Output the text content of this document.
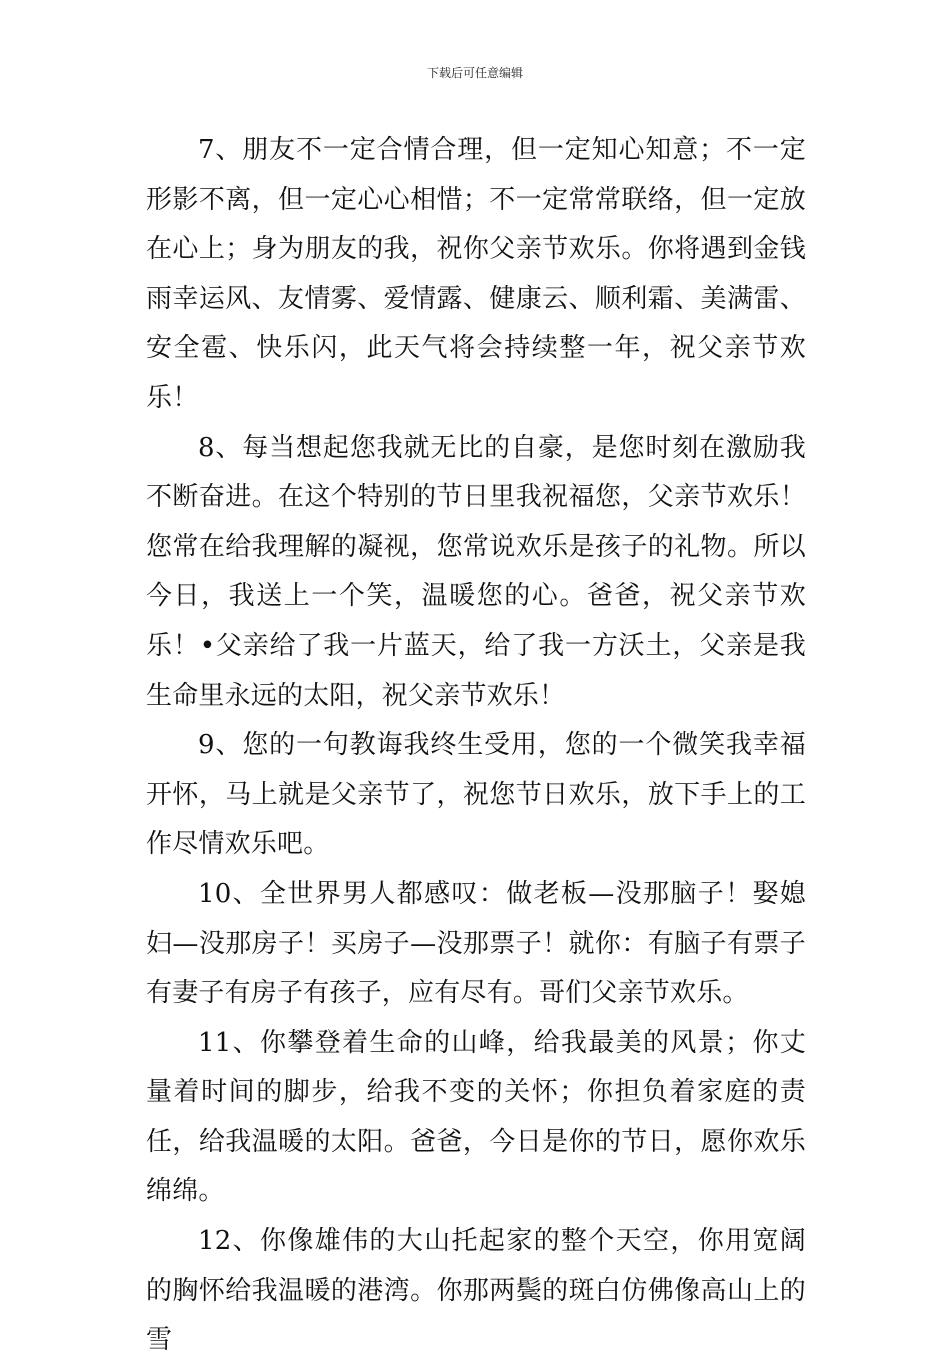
下载后可任意编辑

7、朋友不一定合情合理，但一定知心知意；不一定形影不离，但一定心心相惜；不一定常常联络，但一定放在心上；身为朋友的我，祝你父亲节欢乐。你将遇到金钱雨幸运风、友情雾、爱情露、健康云、顺利霜、美满雷、安全雹、快乐闪，此天气将会持续整一年，祝父亲节欢乐！

8、每当想起您我就无比的自豪，是您时刻在激励我不断奋进。在这个特别的节日里我祝福您，父亲节欢乐！您常在给我理解的凝视，您常说欢乐是孩子的礼物。所以今日，我送上一个笑，温暖您的心。爸爸，祝父亲节欢乐！•父亲给了我一片蓝天，给了我一方沃土，父亲是我生命里永远的太阳，祝父亲节欢乐！

9、您的一句教诲我终生受用，您的一个微笑我幸福开怀，马上就是父亲节了，祝您节日欢乐，放下手上的工作尽情欢乐吧。

10、全世界男人都感叹：做老板—没那脑子！娶媳妇—没那房子！买房子—没那票子！就你：有脑子有票子有妻子有房子有孩子，应有尽有。哥们父亲节欢乐。

11、你攀登着生命的山峰，给我最美的风景；你丈量着时间的脚步，给我不变的关怀；你担负着家庭的责任，给我温暖的太阳。爸爸，今日是你的节日，愿你欢乐绵绵。

12、你像雄伟的大山托起家的整个天空，你用宽阔的胸怀给我温暖的港湾。你那两鬓的斑白仿佛像高山上的雪
